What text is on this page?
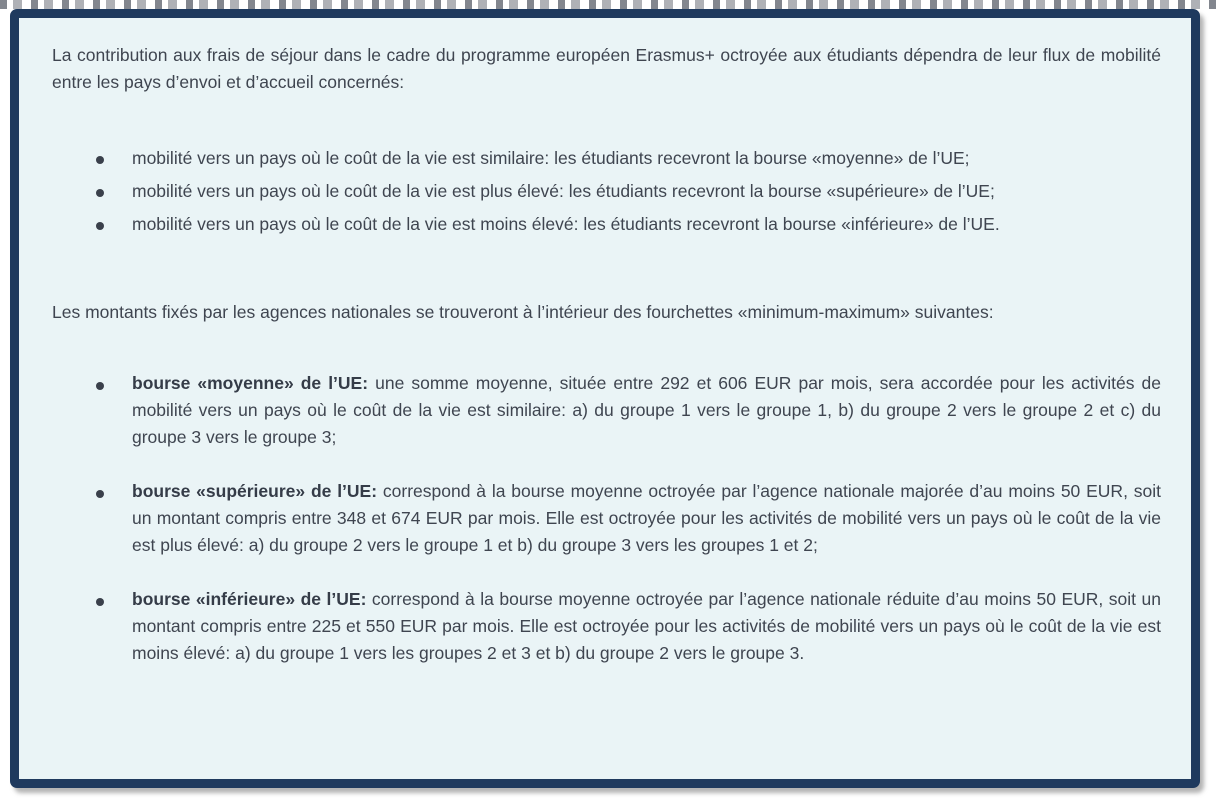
La contribution aux frais de séjour dans le cadre du programme européen Erasmus+ octroyée aux étudiants dépendra de leur flux de mobilité entre les pays d’envoi et d’accueil concernés:

mobilité vers un pays où le coût de la vie est similaire: les étudiants recevront la bourse «moyenne» de l’UE;
mobilité vers un pays où le coût de la vie est plus élevé: les étudiants recevront la bourse «supérieure» de l’UE;
mobilité vers un pays où le coût de la vie est moins élevé: les étudiants recevront la bourse «inférieure» de l’UE.

Les montants fixés par les agences nationales se trouveront à l’intérieur des fourchettes «minimum-maximum» suivantes:

bourse «moyenne» de l’UE: une somme moyenne, située entre 292 et 606 EUR par mois, sera accordée pour les activités de mobilité vers un pays où le coût de la vie est similaire: a) du groupe 1 vers le groupe 1, b) du groupe 2 vers le groupe 2 et c) du groupe 3 vers le groupe 3;
bourse «supérieure» de l’UE: correspond à la bourse moyenne octroyée par l’agence nationale majorée d’au moins 50 EUR, soit un montant compris entre 348 et 674 EUR par mois. Elle est octroyée pour les activités de mobilité vers un pays où le coût de la vie est plus élevé: a) du groupe 2 vers le groupe 1 et b) du groupe 3 vers les groupes 1 et 2;
bourse «inférieure» de l’UE: correspond à la bourse moyenne octroyée par l’agence nationale réduite d’au moins 50 EUR, soit un montant compris entre 225 et 550 EUR par mois. Elle est octroyée pour les activités de mobilité vers un pays où le coût de la vie est moins élevé: a) du groupe 1 vers les groupes 2 et 3 et b) du groupe 2 vers le groupe 3.
